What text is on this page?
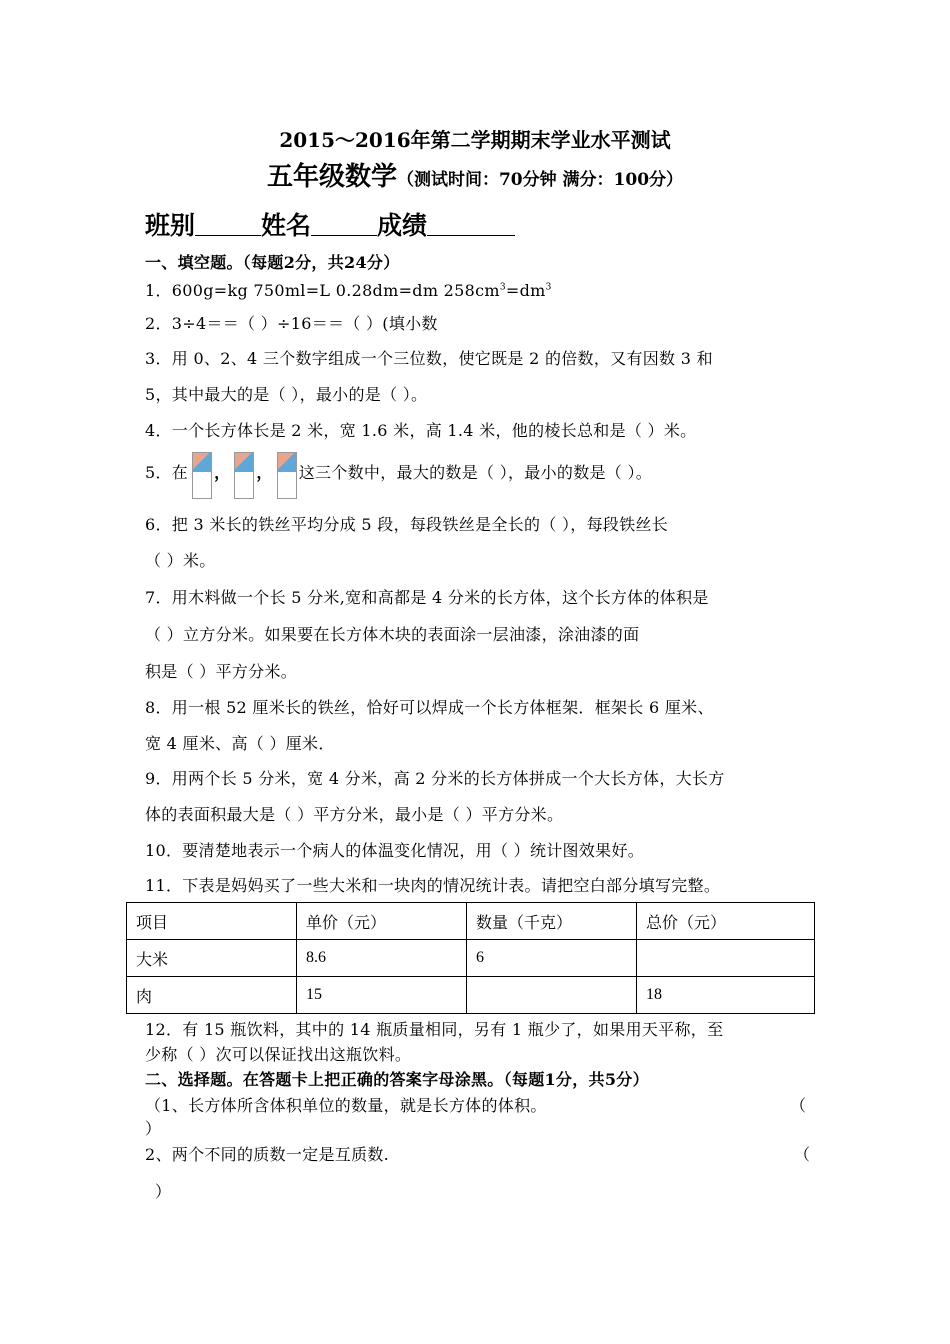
2015～2016年第二学期期末学业水平测试
五年级数学（测试时间：70分钟 满分：100分）
班别	姓名	成绩
一、填空题。（每题2分，共24分）
1．600g=kg 750ml=L 0.28dm=dm $258cm^3=dm^3$
2．3÷4＝＝（ ）÷16＝＝（ ）(填小数
3．用 0、2、4 三个数字组成一个三位数，使它既是 2 的倍数，又有因数 3 和
5，其中最大的是（ ），最小的是（ ）。
4．一个长方体长是 2 米，宽 1.6 米，高 1.4 米，他的棱长总和是（ ）米。
5．在 ， ， 这三个数中，最大的数是（ ），最小的数是（ ）。
6．把 3 米长的铁丝平均分成 5 段，每段铁丝是全长的（ ），每段铁丝长
（ ）米。
7．用木料做一个长 5 分米,宽和高都是 4 分米的长方体，这个长方体的体积是
（ ）立方分米。如果要在长方体木块的表面涂一层油漆，涂油漆的面
积是（ ）平方分米。
8．用一根 52 厘米长的铁丝，恰好可以焊成一个长方体框架．框架长 6 厘米、
宽 4 厘米、高（ ）厘米．
9．用两个长 5 分米，宽 4 分米，高 2 分米的长方体拼成一个大长方体，大长方
体的表面积最大是（ ）平方分米，最小是（ ）平方分米。
10．要清楚地表示一个病人的体温变化情况，用（ ）统计图效果好。
11．下表是妈妈买了一些大米和一块肉的情况统计表。请把空白部分填写完整。
项目	单价（元）	数量（千克）	总价（元）
大米	8.6	6	
肉	15		18
12．有 15 瓶饮料，其中的 14 瓶质量相同，另有 1 瓶少了，如果用天平称，至
少称（ ）次可以保证找出这瓶饮料。
二、选择题。在答题卡上把正确的答案字母涂黑。（每题1分，共5分）
（1、长方体所含体积单位的数量，就是长方体的体积。	（
）
2、两个不同的质数一定是互质数.	（
）
